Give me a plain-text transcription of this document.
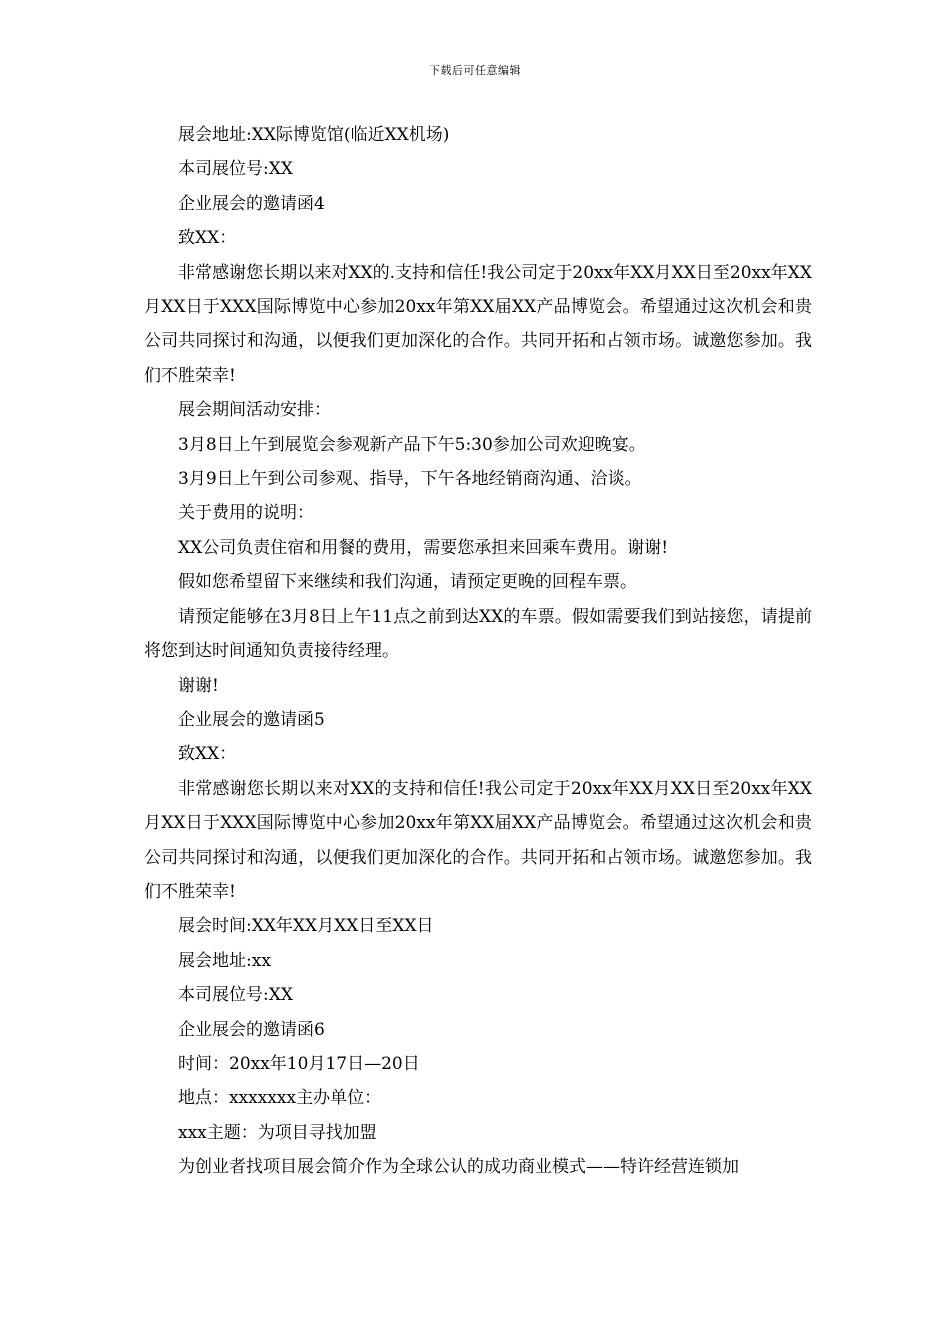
下载后可任意编辑

展会地址:XX际博览馆(临近XX机场)

本司展位号:XX

企业展会的邀请函4

致XX：

非常感谢您长期以来对XX的.支持和信任!我公司定于20xx年XX月XX日至20xx年XX月XX日于XXX国际博览中心参加20xx年第XX届XX产品博览会。希望通过这次机会和贵公司共同探讨和沟通，以便我们更加深化的合作。共同开拓和占领市场。诚邀您参加。我们不胜荣幸!

展会期间活动安排：

3月8日上午到展览会参观新产品下午5:30参加公司欢迎晚宴。

3月9日上午到公司参观、指导，下午各地经销商沟通、洽谈。

关于费用的说明：

XX公司负责住宿和用餐的费用，需要您承担来回乘车费用。谢谢!

假如您希望留下来继续和我们沟通，请预定更晚的回程车票。

请预定能够在3月8日上午11点之前到达XX的车票。假如需要我们到站接您，请提前将您到达时间通知负责接待经理。

谢谢!

企业展会的邀请函5

致XX：

非常感谢您长期以来对XX的支持和信任!我公司定于20xx年XX月XX日至20xx年XX月XX日于XXX国际博览中心参加20xx年第XX届XX产品博览会。希望通过这次机会和贵公司共同探讨和沟通，以便我们更加深化的合作。共同开拓和占领市场。诚邀您参加。我们不胜荣幸!

展会时间:XX年XX月XX日至XX日

展会地址:xx

本司展位号:XX

企业展会的邀请函6

时间：20xx年10月17日—20日

地点：xxxxxxx主办单位：

xxx主题：为项目寻找加盟

为创业者找项目展会简介作为全球公认的成功商业模式——特许经营连锁加
